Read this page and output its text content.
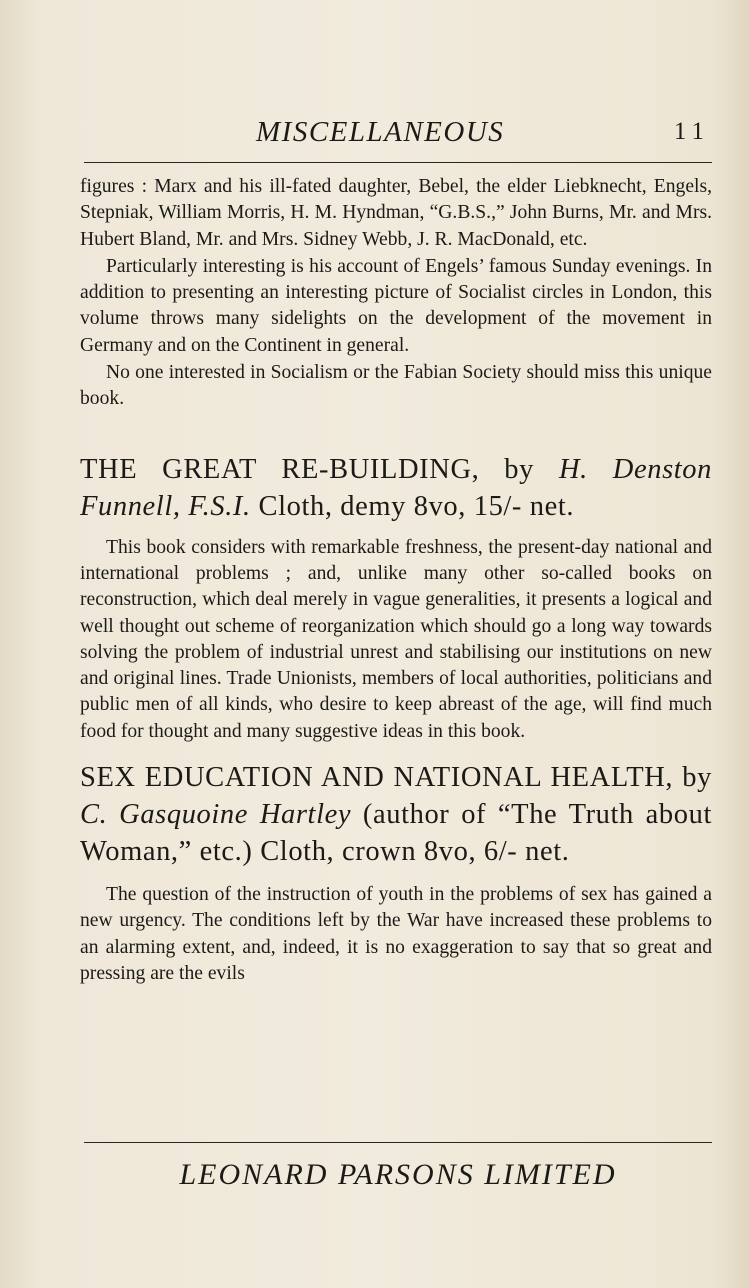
MISCELLANEOUS	11

figures : Marx and his ill-fated daughter, Bebel, the elder Liebknecht, Engels, Stepniak, William Morris, H. M. Hyndman, “G.B.S.,” John Burns, Mr. and Mrs. Hubert Bland, Mr. and Mrs. Sidney Webb, J. R. MacDonald, etc.

Particularly interesting is his account of Engels’ famous Sunday evenings. In addition to presenting an interesting picture of Socialist circles in London, this volume throws many sidelights on the development of the movement in Germany and on the Continent in general.

No one interested in Socialism or the Fabian Society should miss this unique book.

THE GREAT RE-BUILDING, by H. Denston Funnell, F.S.I. Cloth, demy 8vo, 15/- net.

This book considers with remarkable freshness, the present-day national and international problems ; and, unlike many other so-called books on reconstruction, which deal merely in vague generalities, it presents a logical and well thought out scheme of reorganization which should go a long way towards solving the problem of industrial unrest and stabilising our institutions on new and original lines. Trade Unionists, members of local authorities, politicians and public men of all kinds, who desire to keep abreast of the age, will find much food for thought and many suggestive ideas in this book.

SEX EDUCATION AND NATIONAL HEALTH, by C. Gasquoine Hartley (author of “The Truth about Woman,” etc.) Cloth, crown 8vo, 6/- net.

The question of the instruction of youth in the problems of sex has gained a new urgency. The conditions left by the War have increased these problems to an alarming extent, and, indeed, it is no exaggeration to say that so great and pressing are the evils

LEONARD PARSONS LIMITED
